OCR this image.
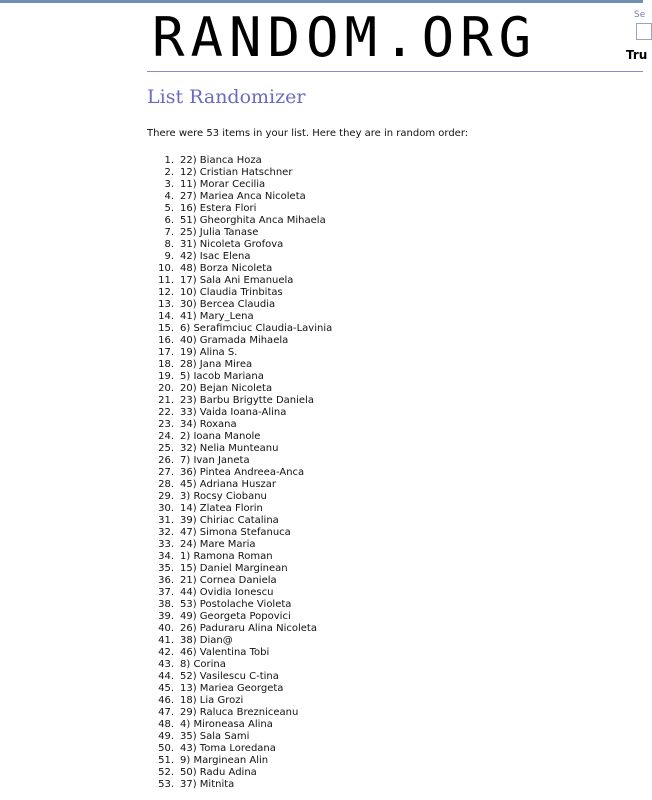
RANDOM.ORG	Se
Tru
List Randomizer

There were 53 items in your list. Here they are in random order:

1. 22) Bianca Hoza
2. 12) Cristian Hatschner
3. 11) Morar Cecilia
4. 27) Mariea Anca Nicoleta
5. 16) Estera Flori
6. 51) Gheorghita Anca Mihaela
7. 25) Julia Tanase
8. 31) Nicoleta Grofova
9. 42) Isac Elena
10. 48) Borza Nicoleta
11. 17) Sala Ani Emanuela
12. 10) Claudia Trinbitas
13. 30) Bercea Claudia
14. 41) Mary_Lena
15. 6) Serafimciuc Claudia-Lavinia
16. 40) Gramada Mihaela
17. 19) Alina S.
18. 28) Jana Mirea
19. 5) Iacob Mariana
20. 20) Bejan Nicoleta
21. 23) Barbu Brigytte Daniela
22. 33) Vaida Ioana-Alina
23. 34) Roxana
24. 2) Ioana Manole
25. 32) Nelia Munteanu
26. 7) Ivan Janeta
27. 36) Pintea Andreea-Anca
28. 45) Adriana Huszar
29. 3) Rocsy Ciobanu
30. 14) Zlatea Florin
31. 39) Chiriac Catalina
32. 47) Simona Stefanuca
33. 24) Mare Maria
34. 1) Ramona Roman
35. 15) Daniel Marginean
36. 21) Cornea Daniela
37. 44) Ovidia Ionescu
38. 53) Postolache Violeta
39. 49) Georgeta Popovici
40. 26) Paduraru Alina Nicoleta
41. 38) Dian@
42. 46) Valentina Tobi
43. 8) Corina
44. 52) Vasilescu C-tina
45. 13) Mariea Georgeta
46. 18) Lia Grozi
47. 29) Raluca Brezniceanu
48. 4) Mironeasa Alina
49. 35) Sala Sami
50. 43) Toma Loredana
51. 9) Marginean Alin
52. 50) Radu Adina
53. 37) Mitnita
